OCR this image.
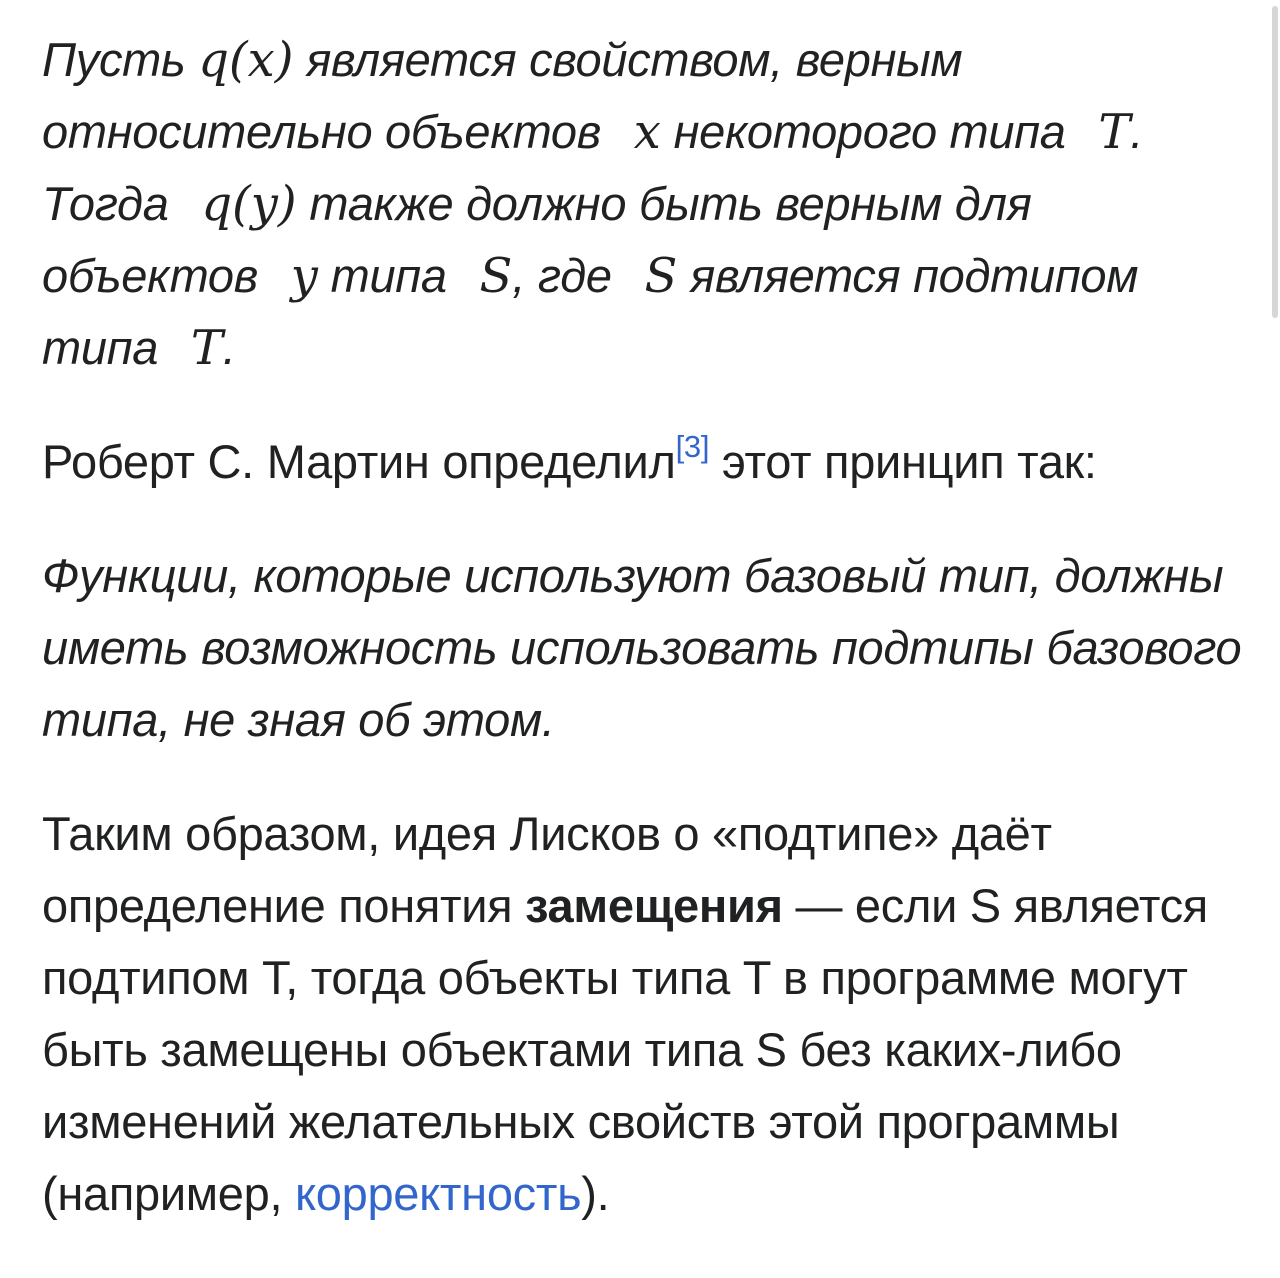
Пусть q(x) является свойством, верным относительно объектов x некоторого типа T. Тогда q(y) также должно быть верным для объектов y типа S, где S является подтипом типа T.

Роберт С. Мартин определил[3] этот принцип так:

Функции, которые используют базовый тип, должны иметь возможность использовать подтипы базового типа, не зная об этом.

Таким образом, идея Лисков о «подтипе» даёт определение понятия замещения — если S является подтипом T, тогда объекты типа T в программе могут быть замещены объектами типа S без каких-либо изменений желательных свойств этой программы (например, корректность).
